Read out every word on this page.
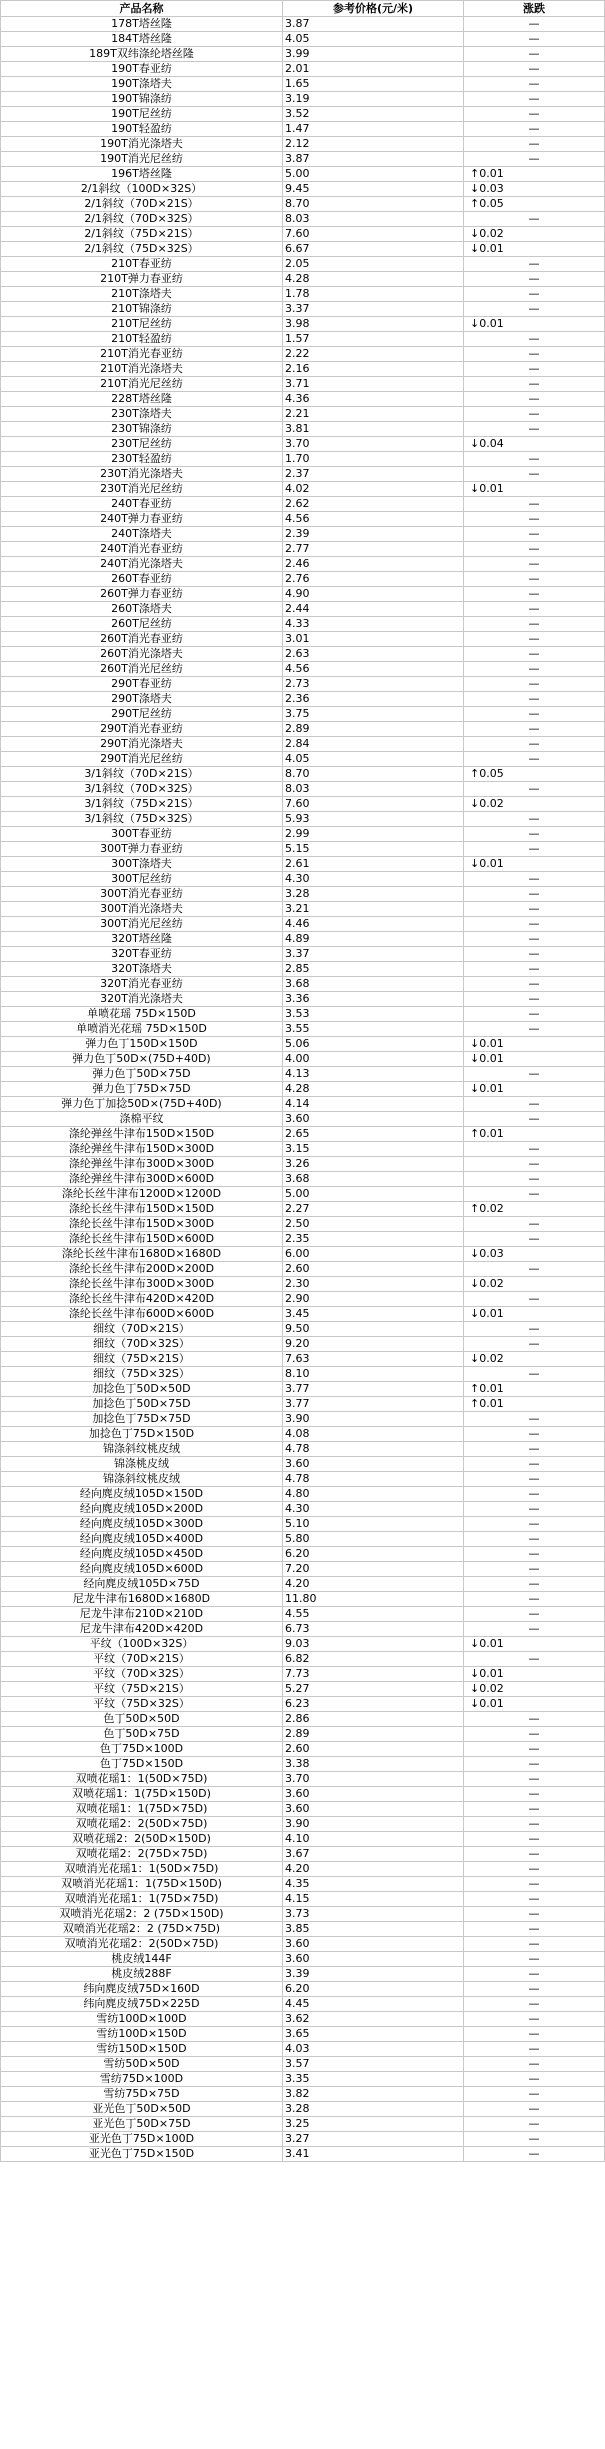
产品名称	参考价格(元/米)	涨跌
178T塔丝隆	3.87	—
184T塔丝隆	4.05	—
189T双纬涤纶塔丝隆	3.99	—
190T春亚纺	2.01	—
190T涤塔夫	1.65	—
190T锦涤纺	3.19	—
190T尼丝纺	3.52	—
190T轻盈纺	1.47	—
190T消光涤塔夫	2.12	—
190T消光尼丝纺	3.87	—
196T塔丝隆	5.00	↑0.01
2/1斜纹（100D×32S）	9.45	↓0.03
2/1斜纹（70D×21S）	8.70	↑0.05
2/1斜纹（70D×32S）	8.03	—
2/1斜纹（75D×21S）	7.60	↓0.02
2/1斜纹（75D×32S）	6.67	↓0.01
210T春亚纺	2.05	—
210T弹力春亚纺	4.28	—
210T涤塔夫	1.78	—
210T锦涤纺	3.37	—
210T尼丝纺	3.98	↓0.01
210T轻盈纺	1.57	—
210T消光春亚纺	2.22	—
210T消光涤塔夫	2.16	—
210T消光尼丝纺	3.71	—
228T塔丝隆	4.36	—
230T涤塔夫	2.21	—
230T锦涤纺	3.81	—
230T尼丝纺	3.70	↓0.04
230T轻盈纺	1.70	—
230T消光涤塔夫	2.37	—
230T消光尼丝纺	4.02	↓0.01
240T春亚纺	2.62	—
240T弹力春亚纺	4.56	—
240T涤塔夫	2.39	—
240T消光春亚纺	2.77	—
240T消光涤塔夫	2.46	—
260T春亚纺	2.76	—
260T弹力春亚纺	4.90	—
260T涤塔夫	2.44	—
260T尼丝纺	4.33	—
260T消光春亚纺	3.01	—
260T消光涤塔夫	2.63	—
260T消光尼丝纺	4.56	—
290T春亚纺	2.73	—
290T涤塔夫	2.36	—
290T尼丝纺	3.75	—
290T消光春亚纺	2.89	—
290T消光涤塔夫	2.84	—
290T消光尼丝纺	4.05	—
3/1斜纹（70D×21S）	8.70	↑0.05
3/1斜纹（70D×32S）	8.03	—
3/1斜纹（75D×21S）	7.60	↓0.02
3/1斜纹（75D×32S）	5.93	—
300T春亚纺	2.99	—
300T弹力春亚纺	5.15	—
300T涤塔夫	2.61	↓0.01
300T尼丝纺	4.30	—
300T消光春亚纺	3.28	—
300T消光涤塔夫	3.21	—
300T消光尼丝纺	4.46	—
320T塔丝隆	4.89	—
320T春亚纺	3.37	—
320T涤塔夫	2.85	—
320T消光春亚纺	3.68	—
320T消光涤塔夫	3.36	—
单喷花瑶 75D×150D	3.53	—
单喷消光花瑶 75D×150D	3.55	—
弹力色丁150D×150D	5.06	↓0.01
弹力色丁50D×(75D+40D)	4.00	↓0.01
弹力色丁50D×75D	4.13	—
弹力色丁75D×75D	4.28	↓0.01
弹力色丁加捻50D×(75D+40D)	4.14	—
涤棉平纹	3.60	—
涤纶弹丝牛津布150D×150D	2.65	↑0.01
涤纶弹丝牛津布150D×300D	3.15	—
涤纶弹丝牛津布300D×300D	3.26	—
涤纶弹丝牛津布300D×600D	3.68	—
涤纶长丝牛津布1200D×1200D	5.00	—
涤纶长丝牛津布150D×150D	2.27	↑0.02
涤纶长丝牛津布150D×300D	2.50	—
涤纶长丝牛津布150D×600D	2.35	—
涤纶长丝牛津布1680D×1680D	6.00	↓0.03
涤纶长丝牛津布200D×200D	2.60	—
涤纶长丝牛津布300D×300D	2.30	↓0.02
涤纶长丝牛津布420D×420D	2.90	—
涤纶长丝牛津布600D×600D	3.45	↓0.01
细纹（70D×21S）	9.50	—
细纹（70D×32S）	9.20	—
细纹（75D×21S）	7.63	↓0.02
细纹（75D×32S）	8.10	—
加捻色丁50D×50D	3.77	↑0.01
加捻色丁50D×75D	3.77	↑0.01
加捻色丁75D×75D	3.90	—
加捻色丁75D×150D	4.08	—
锦涤斜纹桃皮绒	4.78	—
锦涤桃皮绒	3.60	—
锦涤斜纹桃皮绒	4.78	—
经向麂皮绒105D×150D	4.80	—
经向麂皮绒105D×200D	4.30	—
经向麂皮绒105D×300D	5.10	—
经向麂皮绒105D×400D	5.80	—
经向麂皮绒105D×450D	6.20	—
经向麂皮绒105D×600D	7.20	—
经向麂皮绒105D×75D	4.20	—
尼龙牛津布1680D×1680D	11.80	—
尼龙牛津布210D×210D	4.55	—
尼龙牛津布420D×420D	6.73	—
平纹（100D×32S）	9.03	↓0.01
平纹（70D×21S）	6.82	—
平纹（70D×32S）	7.73	↓0.01
平纹（75D×21S）	5.27	↓0.02
平纹（75D×32S）	6.23	↓0.01
色丁50D×50D	2.86	—
色丁50D×75D	2.89	—
色丁75D×100D	2.60	—
色丁75D×150D	3.38	—
双喷花瑶1：1(50D×75D)	3.70	—
双喷花瑶1：1(75D×150D)	3.60	—
双喷花瑶1：1(75D×75D)	3.60	—
双喷花瑶2：2(50D×75D)	3.90	—
双喷花瑶2：2(50D×150D)	4.10	—
双喷花瑶2：2(75D×75D)	3.67	—
双喷消光花瑶1：1(50D×75D)	4.20	—
双喷消光花瑶1：1(75D×150D)	4.35	—
双喷消光花瑶1：1(75D×75D)	4.15	—
双喷消光花瑶2：2 (75D×150D)	3.73	—
双喷消光花瑶2：2 (75D×75D)	3.85	—
双喷消光花瑶2：2(50D×75D)	3.60	—
桃皮绒144F	3.60	—
桃皮绒288F	3.39	—
纬向麂皮绒75D×160D	6.20	—
纬向麂皮绒75D×225D	4.45	—
雪纺100D×100D	3.62	—
雪纺100D×150D	3.65	—
雪纺150D×150D	4.03	—
雪纺50D×50D	3.57	—
雪纺75D×100D	3.35	—
雪纺75D×75D	3.82	—
亚光色丁50D×50D	3.28	—
亚光色丁50D×75D	3.25	—
亚光色丁75D×100D	3.27	—
亚光色丁75D×150D	3.41	—
